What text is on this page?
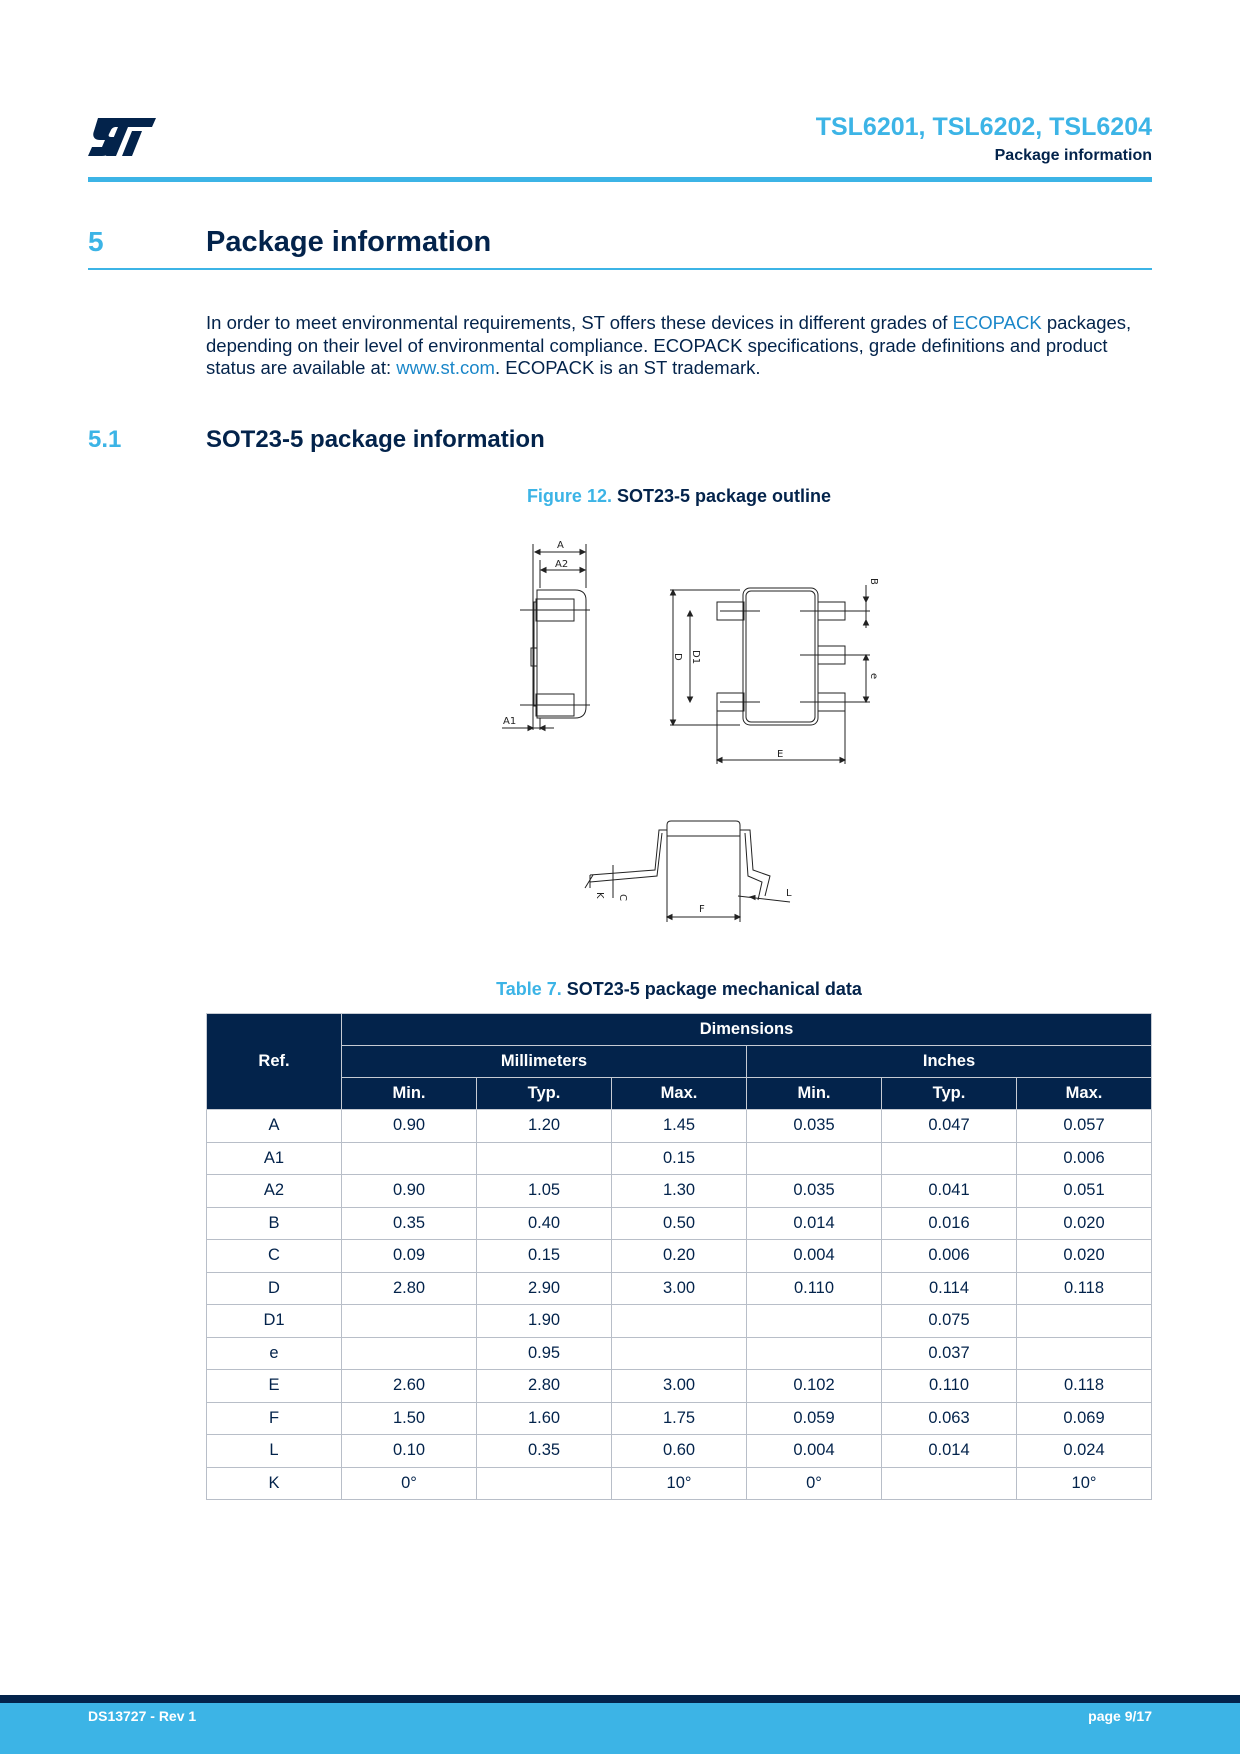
TSL6201, TSL6202, TSL6204
Package information
5	Package information
In order to meet environmental requirements, ST offers these devices in different grades of ECOPACK packages, depending on their level of environmental compliance. ECOPACK specifications, grade definitions and product status are available at: www.st.com. ECOPACK is an ST trademark.
5.1	SOT23-5 package information
Figure 12. SOT23-5 package outline
A
A2
A1
D D1
E
B
e
K C
F
L
Table 7. SOT23-5 package mechanical data
Ref.	Dimensions					
	Millimeters			Inches		
	Min.	Typ.	Max.	Min.	Typ.	Max.
A	0.90	1.20	1.45	0.035	0.047	0.057
A1			0.15			0.006
A2	0.90	1.05	1.30	0.035	0.041	0.051
B	0.35	0.40	0.50	0.014	0.016	0.020
C	0.09	0.15	0.20	0.004	0.006	0.020
D	2.80	2.90	3.00	0.110	0.114	0.118
D1		1.90			0.075	
e		0.95			0.037	
E	2.60	2.80	3.00	0.102	0.110	0.118
F	1.50	1.60	1.75	0.059	0.063	0.069
L	0.10	0.35	0.60	0.004	0.014	0.024
K	0°		10°	0°		10°
DS13727 - Rev 1	page 9/17
